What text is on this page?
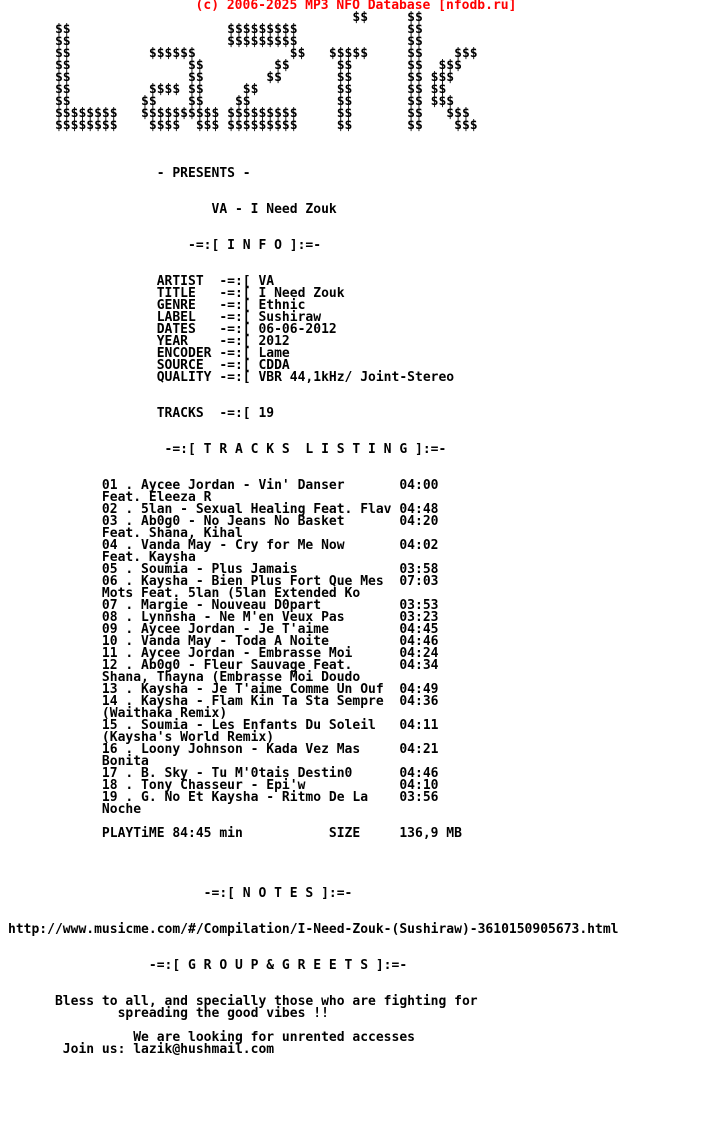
(c) 2006-2025 MP3 NFO Database [nfodb.ru]

$$     $$
$$                    $$$$$$$$$              $$
$$                    $$$$$$$$$              $$
$$          $$$$$$            $$   $$$$$     $$    $$$
$$               $$         $$      $$       $$  $$$
$$               $$        $$       $$       $$ $$$
$$          $$$$ $$     $$          $$       $$ $$
$$         $$    $$    $$           $$       $$ $$$
$$$$$$$$   $$$$$$$$$$ $$$$$$$$$     $$       $$   $$$
$$$$$$$$    $$$$  $$$ $$$$$$$$$     $$       $$    $$$

- PRESENTS -

VA - I Need Zouk

-=:[ I N F O ]:=-

ARTIST  -=:[ VA
TITLE   -=:[ I Need Zouk
GENRE   -=:[ Ethnic
LABEL   -=:[ Sushiraw
DATES   -=:[ 06-06-2012
YEAR    -=:[ 2012
ENCODER -=:[ Lame
SOURCE  -=:[ CDDA
QUALITY -=:[ VBR 44,1kHz/ Joint-Stereo

TRACKS  -=:[ 19

-=:[ T R A C K S  L I S T I N G ]:=-

01 . Aycee Jordan - Vin' Danser       04:00
Feat. Eleeza R
02 . 5lan - Sexual Healing Feat. Flav 04:48
03 . Ab0g0 - No Jeans No Basket       04:20
Feat. Shana, Kihal
04 . Vanda May - Cry for Me Now       04:02
Feat. Kaysha
05 . Soumia - Plus Jamais             03:58
06 . Kaysha - Bien Plus Fort Que Mes  07:03
Mots Feat. 5lan (5lan Extended Ko
07 . Margie - Nouveau D0part          03:53
08 . Lynnsha - Ne M'en Veux Pas       03:23
09 . Aycee Jordan - Je T'aime         04:45
10 . Vanda May - Toda A Noite         04:46
11 . Aycee Jordan - Embrasse Moi      04:24
12 . Ab0g0 - Fleur Sauvage Feat.      04:34
Shana, Thayna (Embrasse Moi Doudo
13 . Kaysha - Je T'aime Comme Un Ouf  04:49
14 . Kaysha - Flam Kin Ta Sta Sempre  04:36
(Waithaka Remix)
15 . Soumia - Les Enfants Du Soleil   04:11
(Kaysha's World Remix)
16 . Loony Johnson - Kada Vez Mas     04:21
Bonita
17 . B. Sky - Tu M'0tais Destin0      04:46
18 . Tony Chasseur - Epi'w            04:10
19 . G. No Et Kaysha - Ritmo De La    03:56
Noche

PLAYTiME 84:45 min           SIZE     136,9 MB

-=:[ N O T E S ]:=-

http://www.musicme.com/#/Compilation/I-Need-Zouk-(Sushiraw)-3610150905673.html

-=:[ G R O U P & G R E E T S ]:=-

Bless to all, and specially those who are fighting for
spreading the good vibes !!

We are looking for unrented accesses
Join us: lazik@hushmail.com
